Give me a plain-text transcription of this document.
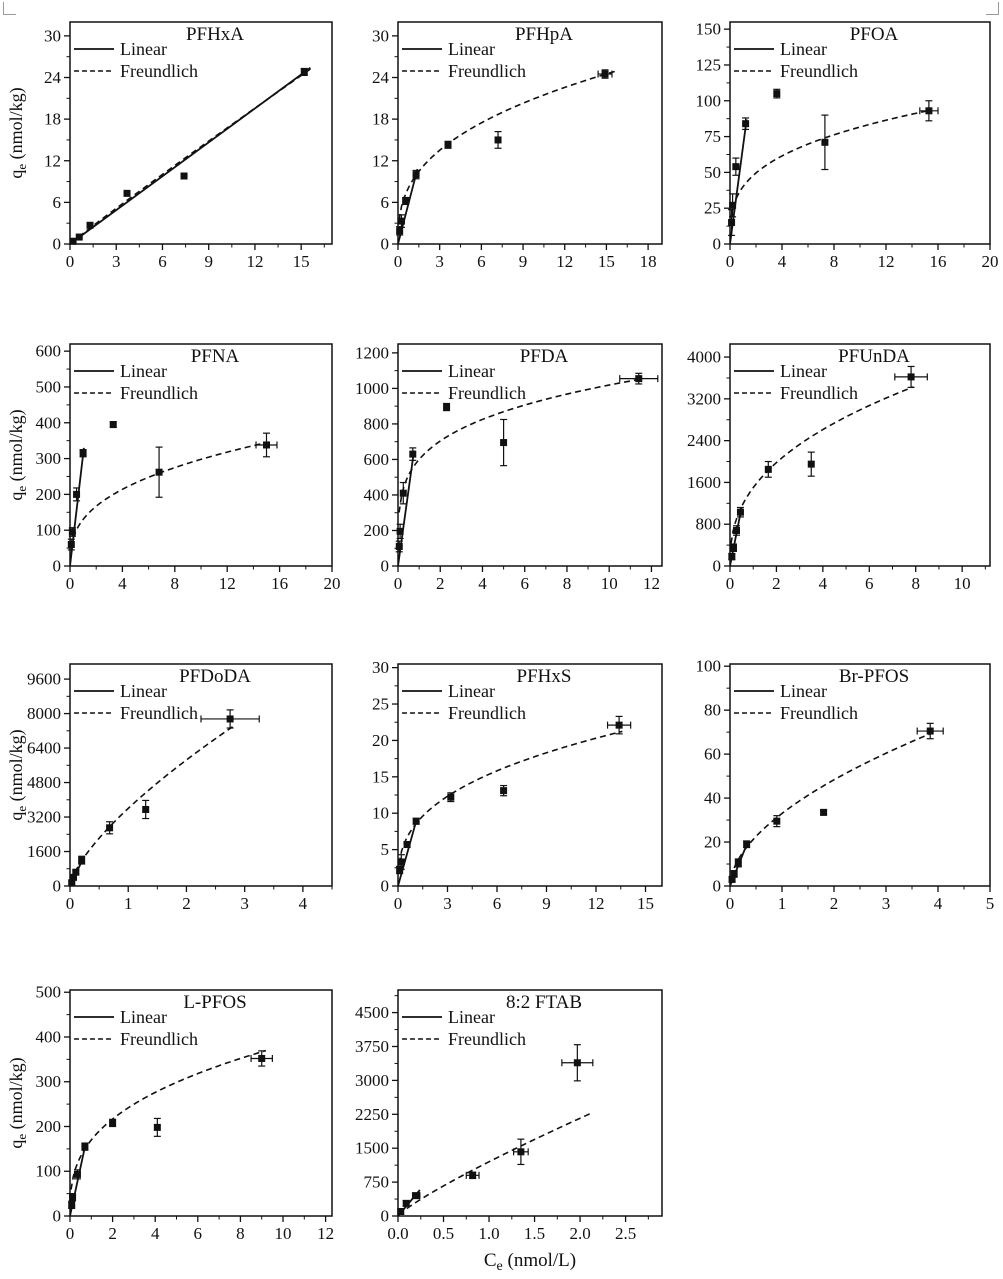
0 3 6 9 12 15
0
6
12
18
24
30	PFHxA
Linear
Freundlich
$q_e$ (nmol/kg)
0 3 6 9 12 15 18
0
6
12
18
24
30	PFHpA
Linear
Freundlich
0	4	8 12 16 20
0
25
50
75
100
125
150	PFOA
Linear
Freundlich
0	4	8 12 16 20
0
100
200
300
400
500
600	PFNA
Linear
Freundlich
$q_e$ (nmol/kg)
0 2 4 6 8 10 12
0
200
400
600
800
1000
1200	PFDA
Linear
Freundlich
0 2 4 6 8 10
0
800
1600
2400
3200
4000	PFUnDA
Linear
Freundlich
0	1	2	3	4
0
1600
3200
4800
6400
8000
9600	PFDoDA
Linear
Freundlich
$q_e$ (nmol/kg)
0 3 6 9 12 15
0
5
10
15
20
25
30	PFHxS
Linear
Freundlich
0	1	2	3	4	5
0
20
40
60
80
100	Br-PFOS
Linear
Freundlich
0 2 4 6 8 10 12
0
100
200
300
400
500	L-PFOS
Linear
Freundlich
$q_e$ (nmol/kg)
0.0 0.5 1.0 1.5 2.0 2.5
0
750
1500
2250
3000
3750
4500	8:2 FTAB
Linear
Freundlich
$C_e$ (nmol/L)
